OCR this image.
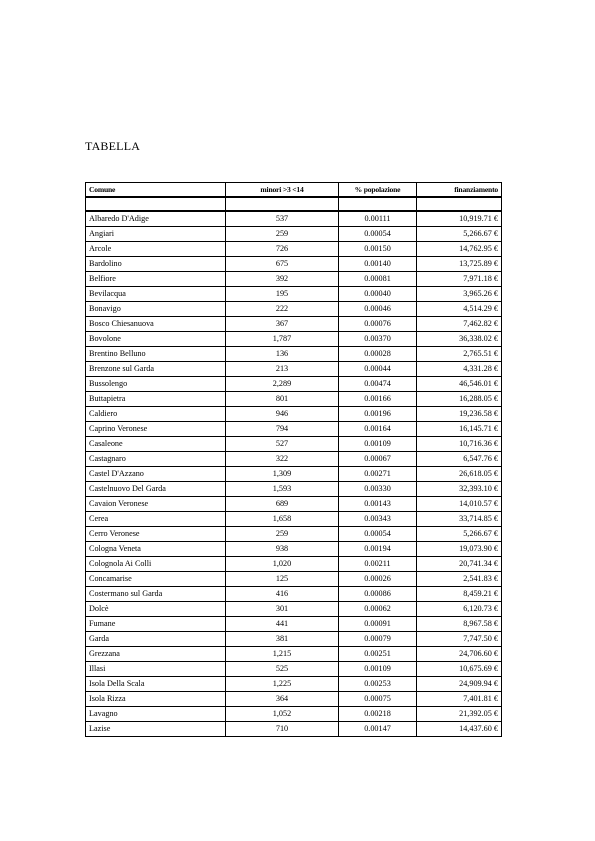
TABELLA
Comune	minori >3 <14	% popolazione	finanziamento

Albaredo D'Adige	537	0.00111	10,919.71 €
Angiari	259	0.00054	5,266.67 €
Arcole	726	0.00150	14,762.95 €
Bardolino	675	0.00140	13,725.89 €
Belfiore	392	0.00081	7,971.18 €
Bevilacqua	195	0.00040	3,965.26 €
Bonavigo	222	0.00046	4,514.29 €
Bosco Chiesanuova	367	0.00076	7,462.82 €
Bovolone	1,787	0.00370	36,338.02 €
Brentino Belluno	136	0.00028	2,765.51 €
Brenzone sul Garda	213	0.00044	4,331.28 €
Bussolengo	2,289	0.00474	46,546.01 €
Buttapietra	801	0.00166	16,288.05 €
Caldiero	946	0.00196	19,236.58 €
Caprino Veronese	794	0.00164	16,145.71 €
Casaleone	527	0.00109	10,716.36 €
Castagnaro	322	0.00067	6,547.76 €
Castel D'Azzano	1,309	0.00271	26,618.05 €
Castelnuovo Del Garda	1,593	0.00330	32,393.10 €
Cavaion Veronese	689	0.00143	14,010.57 €
Cerea	1,658	0.00343	33,714.85 €
Cerro Veronese	259	0.00054	5,266.67 €
Cologna Veneta	938	0.00194	19,073.90 €
Colognola Ai Colli	1,020	0.00211	20,741.34 €
Concamarise	125	0.00026	2,541.83 €
Costermano sul Garda	416	0.00086	8,459.21 €
Dolcè	301	0.00062	6,120.73 €
Fumane	441	0.00091	8,967.58 €
Garda	381	0.00079	7,747.50 €
Grezzana	1,215	0.00251	24,706.60 €
Illasi	525	0.00109	10,675.69 €
Isola Della Scala	1,225	0.00253	24,909.94 €
Isola Rizza	364	0.00075	7,401.81 €
Lavagno	1,052	0.00218	21,392.05 €
Lazise	710	0.00147	14,437.60 €
